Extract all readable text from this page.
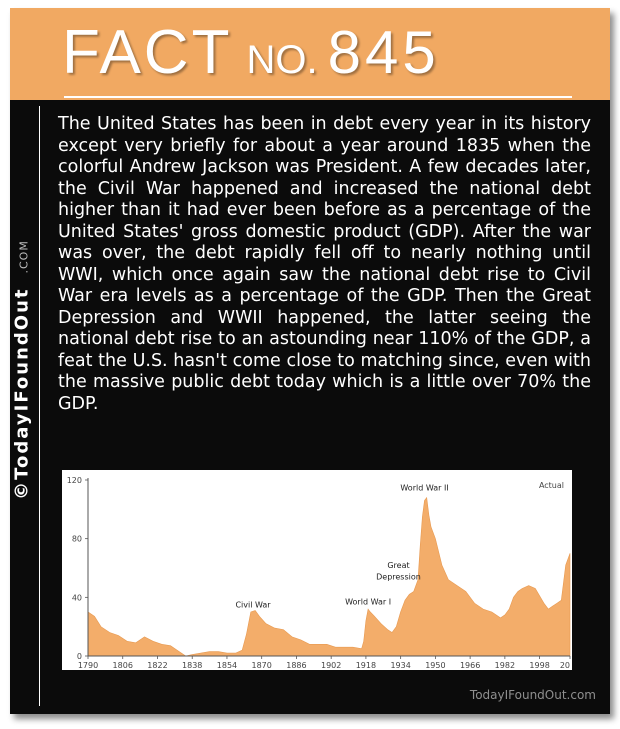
FACT NO. 845
©TodayIFoundOut.COM

The United States has been in debt every year in its history except very briefly for about a year around 1835 when the colorful Andrew Jackson was President. A few decades later, the Civil War happened and increased the national debt higher than it had ever been before as a percentage of the United States' gross domestic product (GDP). After the war was over, the debt rapidly fell off to nearly nothing until WWI, which once again saw the national debt rise to Civil War era levels as a percentage of the GDP. Then the Great Depression and WWII happened, the latter seeing the national debt rise to an astounding near 110% of the GDP, a feat the U.S. hasn't come close to matching since, even with the massive public debt today which is a little over 70% the GDP.

120
80
40
0
1790 1806 1822 1838 1854 1870 1886 1902 1918 1934 1950 1966 1982 1998 20
Actual
Civil War	World War I
Great
Depression
World War II
TodayIFoundOut.com
